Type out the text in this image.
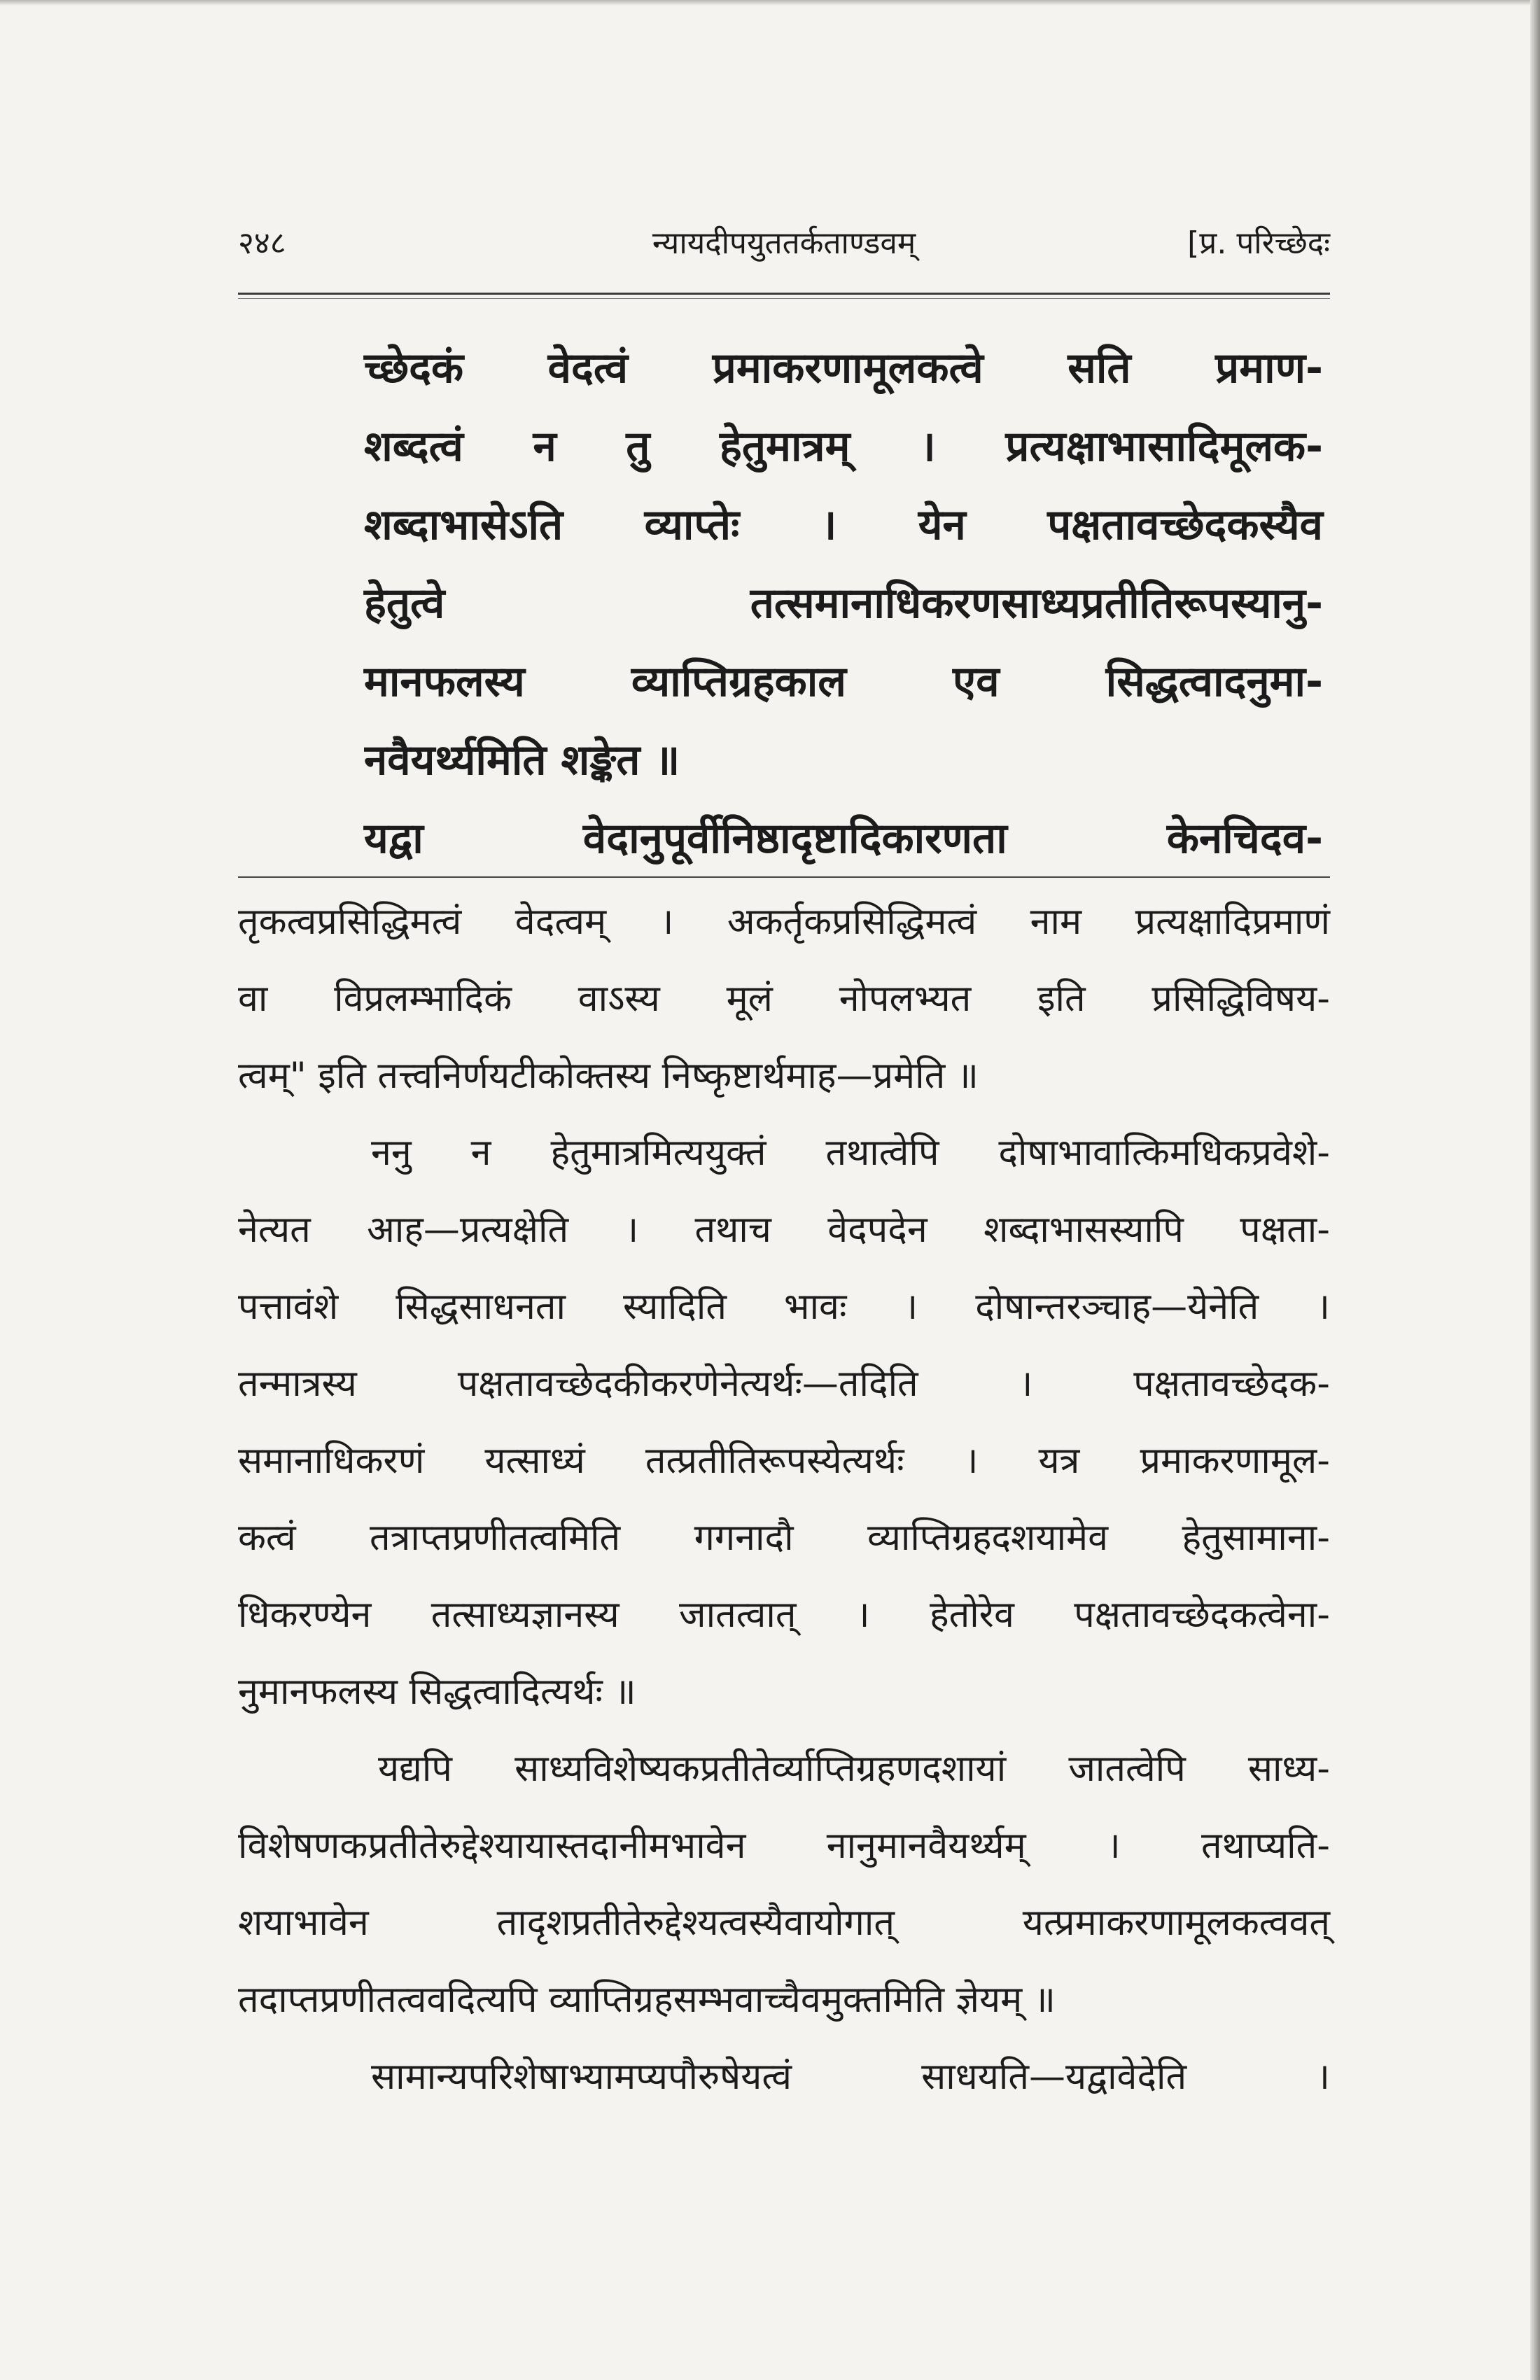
२४८	न्यायदीपयुततर्कताण्डवम्	[प्र. परिच्छेदः
च्छेदकं वेदत्वं प्रमाकरणामूलकत्वे सति प्रमाण-
शब्दत्वं न तु हेतुमात्रम् । प्रत्यक्षाभासादिमूलक-
शब्दाभासेऽति व्याप्तेः । येन पक्षतावच्छेदकस्यैव
हेतुत्वे तत्समानाधिकरणसाध्यप्रतीतिरूपस्यानु-
मानफलस्य व्याप्तिग्रहकाल एव सिद्धत्वादनुमा-
नवैयर्थ्यमिति शङ्केत ॥
यद्वा वेदानुपूर्वीनिष्ठादृष्टादिकारणता केनचिदव-
तृकत्वप्रसिद्धिमत्वं वेदत्वम् । अकर्तृकप्रसिद्धिमत्वं नाम प्रत्यक्षादिप्रमाणं
वा विप्रलम्भादिकं वाऽस्य मूलं नोपलभ्यत इति प्रसिद्धिविषय-
त्वम्" इति तत्त्वनिर्णयटीकोक्तस्य निष्कृष्टार्थमाह—प्रमेति ॥
ननु न हेतुमात्रमित्ययुक्तं तथात्वेपि दोषाभावात्किमधिकप्रवेशे-
नेत्यत आह—प्रत्यक्षेति । तथाच वेदपदेन शब्दाभासस्यापि पक्षता-
पत्तावंशे सिद्धसाधनता स्यादिति भावः । दोषान्तरञ्चाह—येनेति ।
तन्मात्रस्य पक्षतावच्छेदकीकरणेनेत्यर्थः—तदिति । पक्षतावच्छेदक-
समानाधिकरणं यत्साध्यं तत्प्रतीतिरूपस्येत्यर्थः । यत्र प्रमाकरणामूल-
कत्वं तत्राप्तप्रणीतत्वमिति गगनादौ व्याप्तिग्रहदशयामेव हेतुसामाना-
धिकरण्येन तत्साध्यज्ञानस्य जातत्वात् । हेतोरेव पक्षतावच्छेदकत्वेना-
नुमानफलस्य सिद्धत्वादित्यर्थः ॥
यद्यपि साध्यविशेष्यकप्रतीतेर्व्याप्तिग्रहणदशायां जातत्वेपि साध्य-
विशेषणकप्रतीतेरुद्देश्यायास्तदानीमभावेन नानुमानवैयर्थ्यम् । तथाप्यति-
शयाभावेन तादृशप्रतीतेरुद्देश्यत्वस्यैवायोगात् यत्प्रमाकरणामूलकत्ववत्
तदाप्तप्रणीतत्ववदित्यपि व्याप्तिग्रहसम्भवाच्चैवमुक्तमिति ज्ञेयम् ॥
सामान्यपरिशेषाभ्यामप्यपौरुषेयत्वं साधयति—यद्वावेदेति ।
